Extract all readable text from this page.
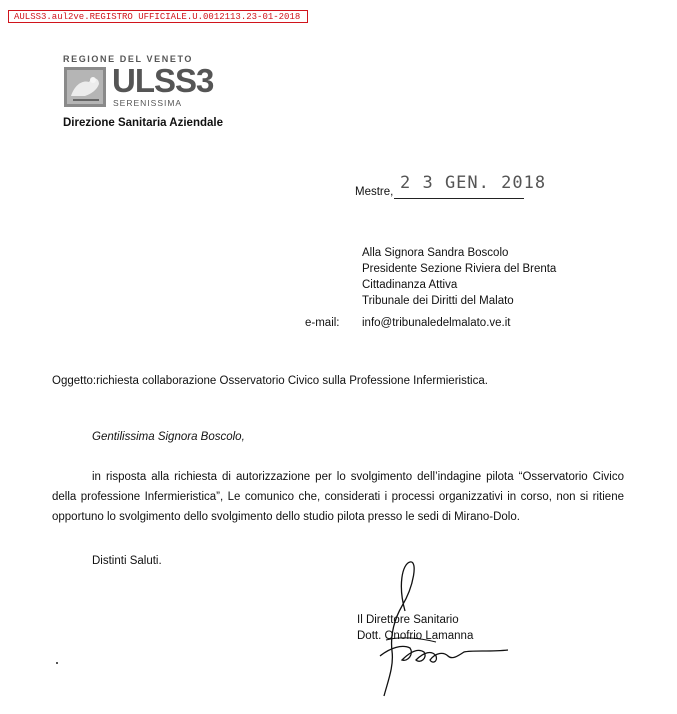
AULSS3.aul2ve.REGISTRO UFFICIALE.U.0012113.23-01-2018
REGIONE DEL VENETO
ULSS3
SERENISSIMA
Direzione Sanitaria Aziendale
Mestre, 2 3 GEN. 2018
Alla Signora Sandra Boscolo
Presidente Sezione Riviera del Brenta
Cittadinanza Attiva
Tribunale dei Diritti del Malato
e-mail: info@tribunaledelmalato.ve.it
Oggetto:richiesta collaborazione Osservatorio Civico sulla Professione Infermieristica.
Gentilissima Signora Boscolo,
in risposta alla richiesta di autorizzazione per lo svolgimento dell’indagine pilota “Osservatorio Civico della professione Infermieristica”, Le comunico che, considerati i processi organizzativi in corso, non si ritiene opportuno lo svolgimento dello svolgimento dello studio pilota presso le sedi di Mirano-Dolo.
Distinti Saluti.
Il Direttore Sanitario
Dott. Onofrio Lamanna
